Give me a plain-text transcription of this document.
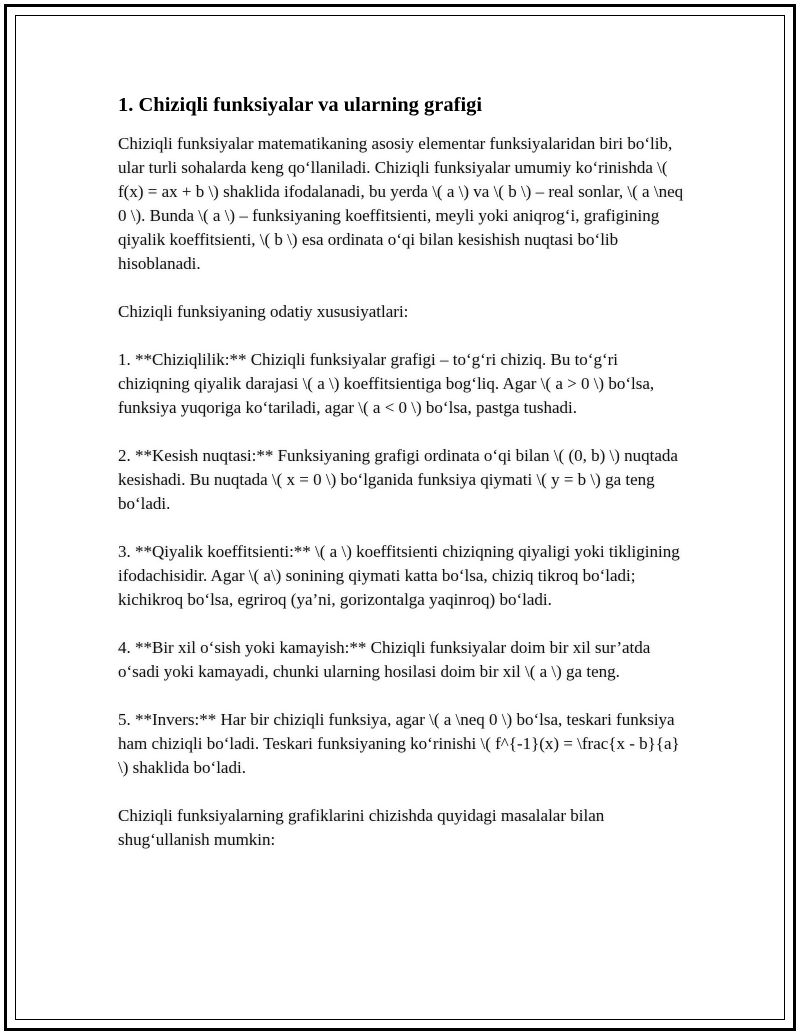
1. Chiziqli funksiyalar va ularning grafigi

Chiziqli funksiyalar matematikaning asosiy elementar funksiyalaridan biri bo‘lib, ular turli sohalarda keng qo‘llaniladi. Chiziqli funksiyalar umumiy ko‘rinishda \( f(x) = ax + b \) shaklida ifodalanadi, bu yerda \( a \) va \( b \) – real sonlar, \( a \neq 0 \). Bunda \( a \) – funksiyaning koeffitsienti, meyli yoki aniqrog‘i, grafigining qiyalik koeffitsienti, \( b \) esa ordinata o‘qi bilan kesishish nuqtasi bo‘lib hisoblanadi.

Chiziqli funksiyaning odatiy xususiyatlari:

1. **Chiziqlilik:** Chiziqli funksiyalar grafigi – to‘g‘ri chiziq. Bu to‘g‘ri chiziqning qiyalik darajasi \( a \) koeffitsientiga bog‘liq. Agar \( a > 0 \) bo‘lsa, funksiya yuqoriga ko‘tariladi, agar \( a < 0 \) bo‘lsa, pastga tushadi.

2. **Kesish nuqtasi:** Funksiyaning grafigi ordinata o‘qi bilan \( (0, b) \) nuqtada kesishadi. Bu nuqtada \( x = 0 \) bo‘lganida funksiya qiymati \( y = b \) ga teng bo‘ladi.

3. **Qiyalik koeffitsienti:** \( a \) koeffitsienti chiziqning qiyaligi yoki tikligining ifodachisidir. Agar \( a\) sonining qiymati katta bo‘lsa, chiziq tikroq bo‘ladi; kichikroq bo‘lsa, egriroq (ya’ni, gorizontalga yaqinroq) bo‘ladi.

4. **Bir xil o‘sish yoki kamayish:** Chiziqli funksiyalar doim bir xil sur’atda o‘sadi yoki kamayadi, chunki ularning hosilasi doim bir xil \( a \) ga teng.

5. **Invers:** Har bir chiziqli funksiya, agar \( a \neq 0 \) bo‘lsa, teskari funksiya ham chiziqli bo‘ladi. Teskari funksiyaning ko‘rinishi \( f^{-1}(x) = \frac{x - b}{a} \) shaklida bo‘ladi.

Chiziqli funksiyalarning grafiklarini chizishda quyidagi masalalar bilan shug‘ullanish mumkin:
